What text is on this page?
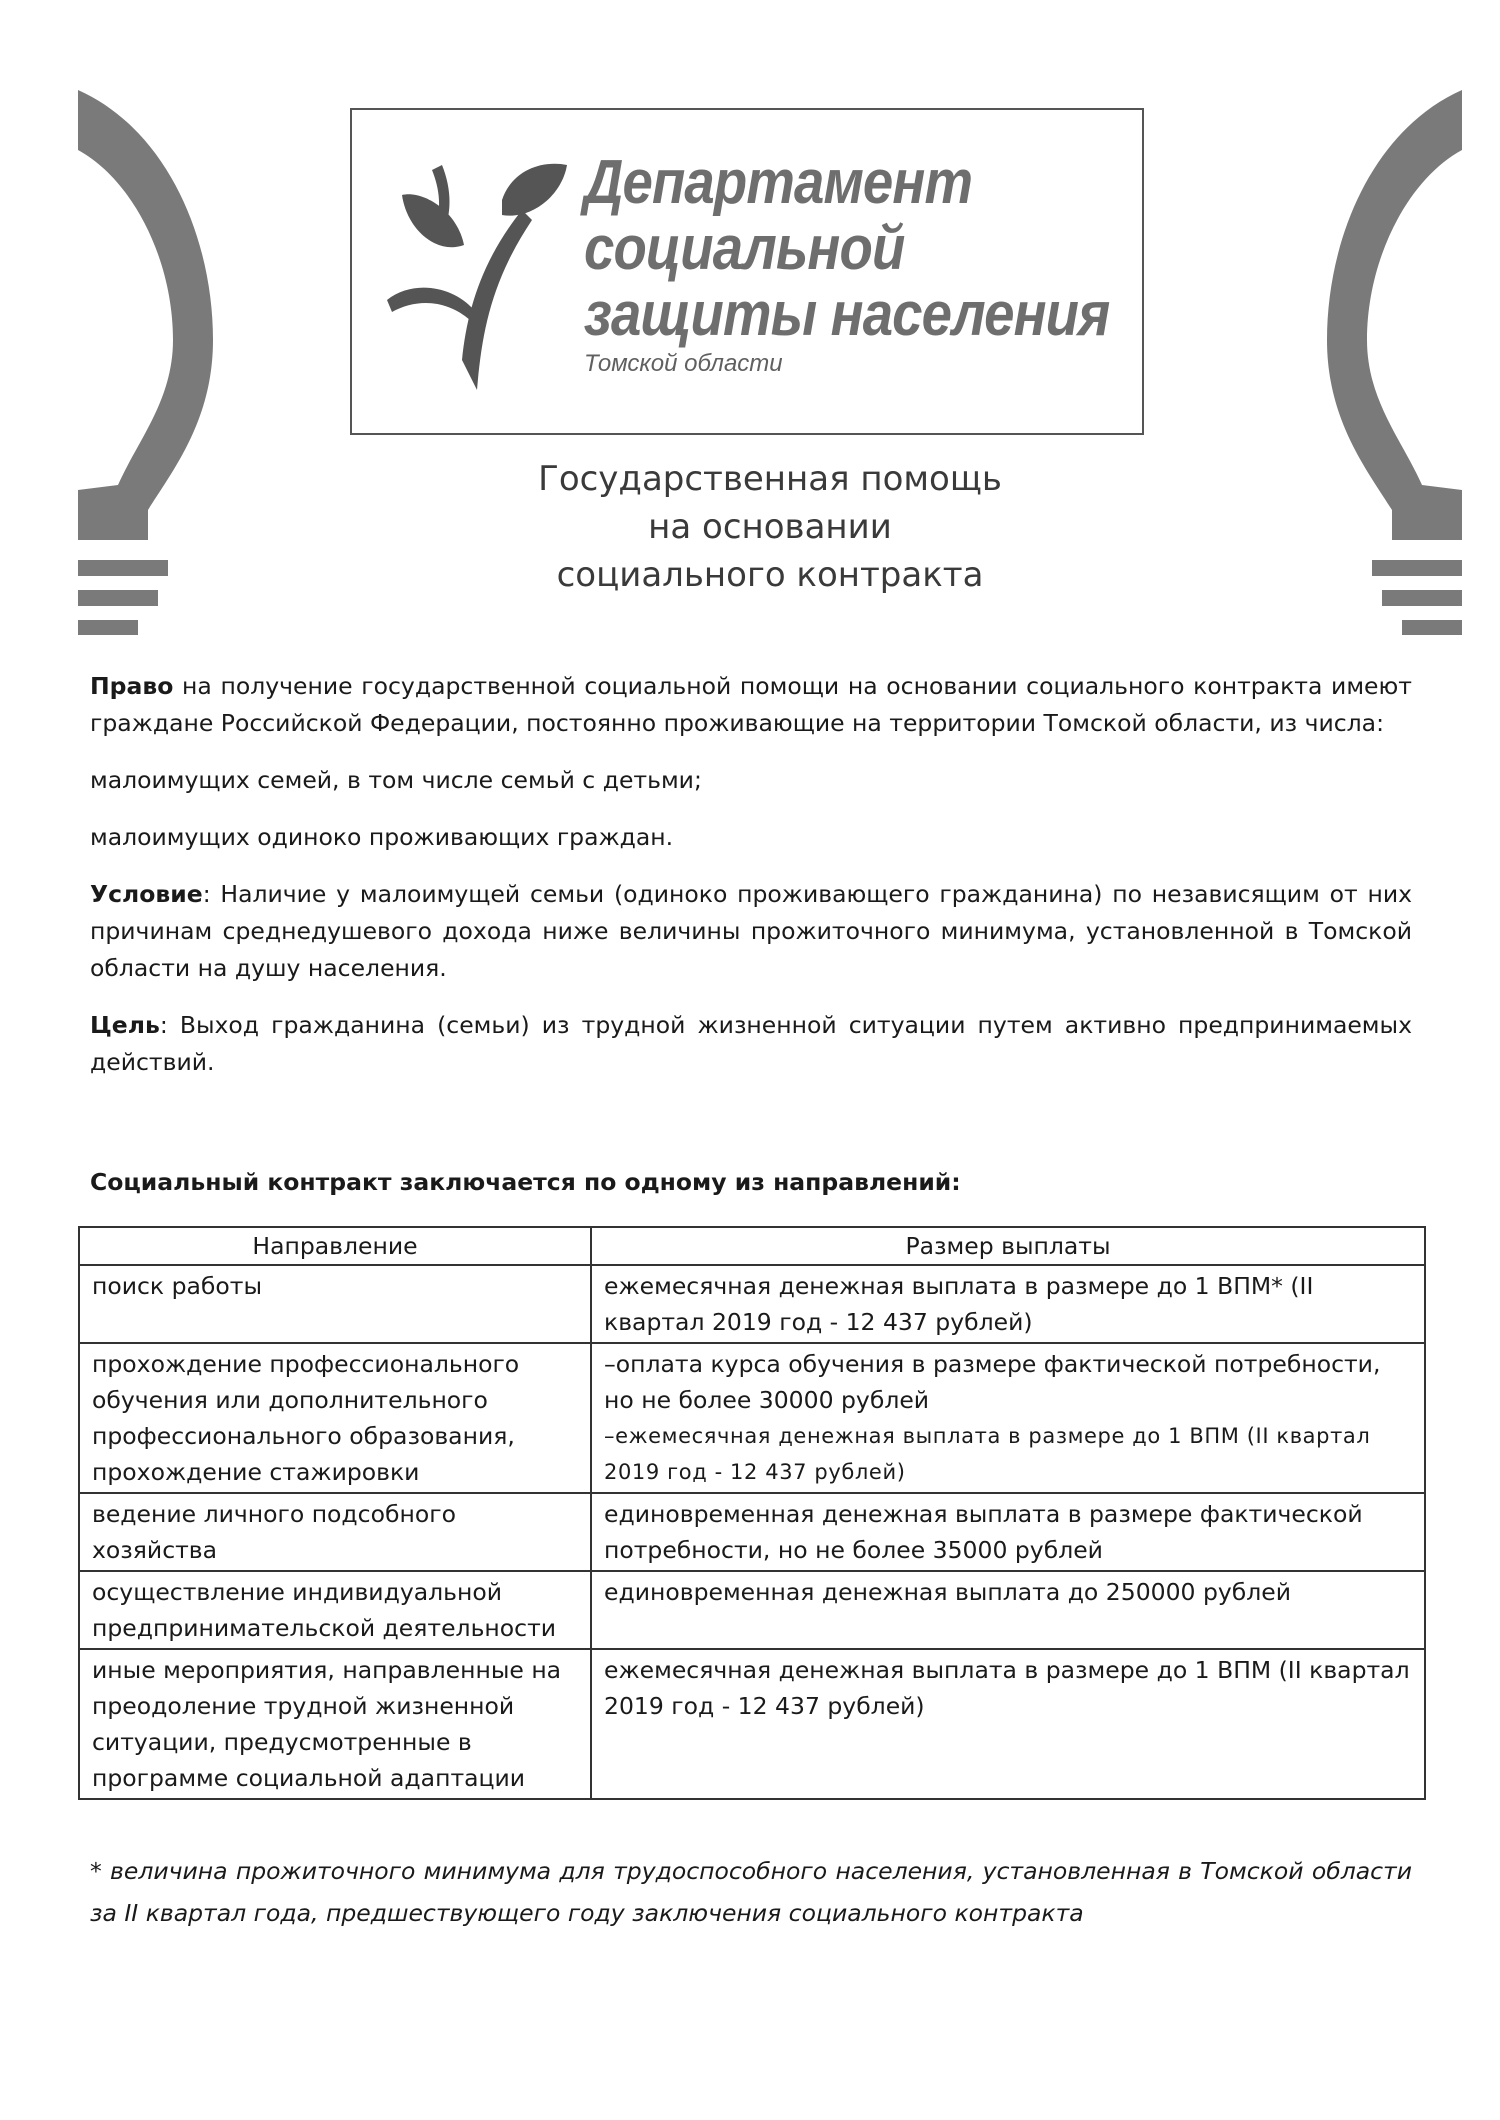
Департамент
социальной
защиты населения
Томской области
Государственная помощь
на основании
социального контракта

Право на получение государственной социальной помощи на основании социального контракта имеют граждане Российской Федерации, постоянно проживающие на территории Томской области, из числа:

малоимущих семей, в том числе семьй с детьми;

малоимущих одиноко проживающих граждан.

Условие: Наличие у малоимущей семьи (одиноко проживающего гражданина) по независящим от них причинам среднедушевого дохода ниже величины прожиточного минимума, установленной в Томской области на душу населения.

Цель: Выход гражданина (семьи) из трудной жизненной ситуации путем активно предпринимаемых действий.

Социальный контракт заключается по одному из направлений:
Направление	Размер выплаты
поиск работы	ежемесячная денежная выплата в размере до 1 ВПМ* (II квартал 2019 год - 12 437 рублей)
прохождение профессионального обучения или дополнительного профессионального образования, прохождение стажировки	–оплата курса обучения в размере фактической потребности, но не более 30000 рублей
–ежемесячная денежная выплата в размере до 1 ВПМ (II квартал 2019 год - 12 437 рублей)

ведение личного подсобного хозяйства	единовременная денежная выплата в размере фактической потребности, но не более 35000 рублей
осуществление индивидуальной предпринимательской деятельности	единовременная денежная выплата до 250000 рублей
иные мероприятия, направленные на преодоление трудной жизненной ситуации, предусмотренные в программе социальной адаптации	ежемесячная денежная выплата в размере до 1 ВПМ (II квартал 2019 год - 12 437 рублей)
* величина прожиточного минимума для трудоспособного населения, установленная в Томской области за II квартал года, предшествующего году заключения социального контракта
